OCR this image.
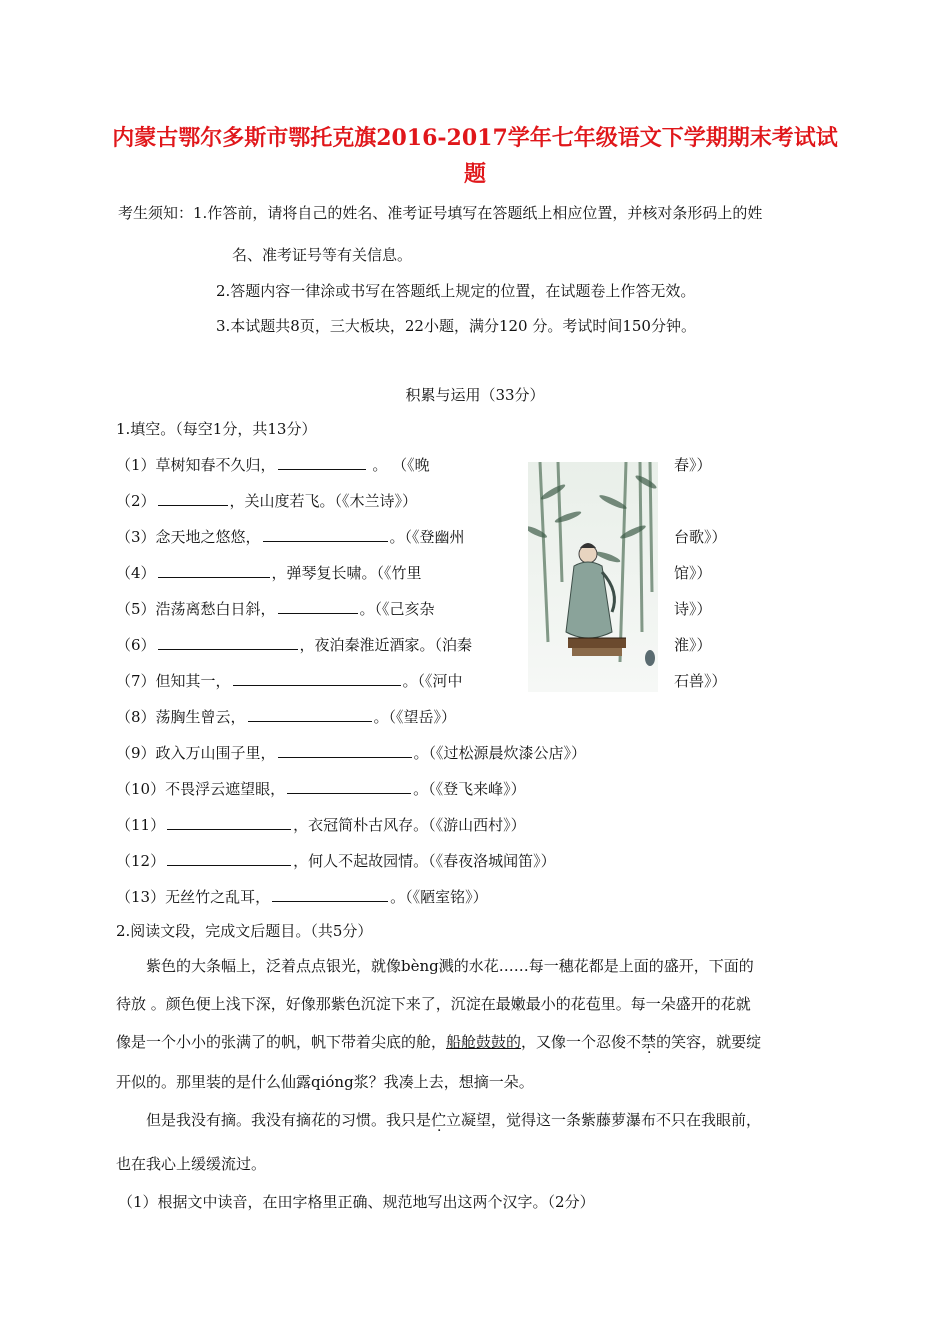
内蒙古鄂尔多斯市鄂托克旗2016-2017学年七年级语文下学期期末考试试
题
考生须知：1.作答前，请将自己的姓名、准考证号填写在答题纸上相应位置，并核对条形码上的姓
名、准考证号等有关信息。
2.答题内容一律涂或书写在答题纸上规定的位置，在试题卷上作答无效。
3.本试题共8页，三大板块，22小题，满分120 分。考试时间150分钟。
积累与运用（33分）
1.填空。（每空1分，共13分）
（1）草树知春不久归，	。 （《晚	春》）
（2）	，关山度若飞。（《木兰诗》）
（3）念天地之悠悠，	。（《登幽州	台歌》）
（4）	，弹琴复长啸。（《竹里	馆》）
（5）浩荡离愁白日斜，	。（《己亥杂	诗》）
（6）	，夜泊秦淮近酒家。（泊秦	淮》）
（7）但知其一，	。（《河中	石兽》）
（8）荡胸生曾云，	。（《望岳》）
（9）政入万山围子里，	。（《过松源晨炊漆公店》）
（10）不畏浮云遮望眼，	。（《登飞来峰》）
（11）	，衣冠简朴古风存。（《游山西村》）
（12）	，何人不起故园情。（《春夜洛城闻笛》）
（13）无丝竹之乱耳，	。（《陋室铭》）
2.阅读文段，完成文后题目。（共5分）
紫色的大条幅上，泛着点点银光，就像bèng溅的水花……每一穗花都是上面的盛开，下面的
待放 。颜色便上浅下深，好像那紫色沉淀下来了，沉淀在最嫩最小的花苞里。每一朵盛开的花就
像是一个小小的张满了的帆，帆下带着尖底的舱，船舱鼓鼓的，又像一个忍俊不禁的笑容，就要绽
开似的。那里装的是什么仙露qióng浆？我凑上去，想摘一朵。
但是我没有摘。我没有摘花的习惯。我只是伫立凝望，觉得这一条紫藤萝瀑布不只在我眼前，
也在我心上缓缓流过。
（1）根据文中读音，在田字格里正确、规范地写出这两个汉字。（2分）
